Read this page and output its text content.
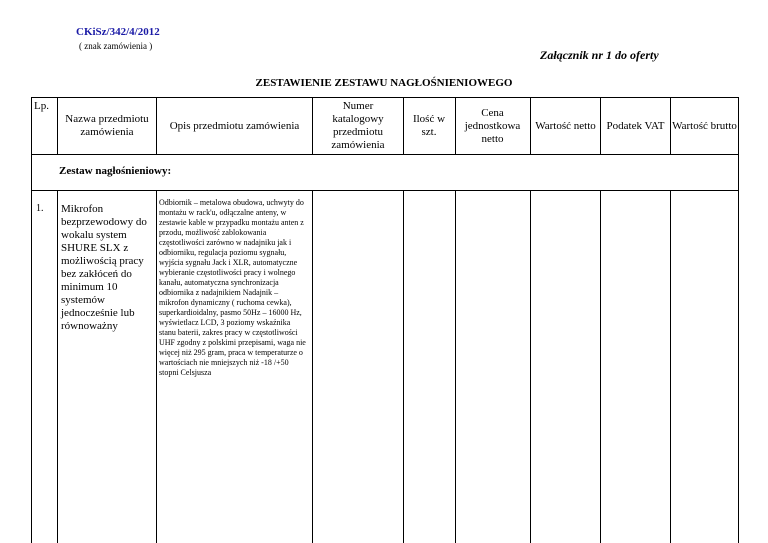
CKiSz/342/4/2012
( znak zamówienia )
Załącznik nr 1 do oferty
ZESTAWIENIE ZESTAWU NAGŁOŚNIENIOWEGO
Lp.
Nazwa przedmiotu zamówienia
Opis przedmiotu zamówienia
Numer katalogowy przedmiotu zamówienia
Ilość w szt.
Cena jednostkowa netto
Wartość netto Podatek VAT Wartość brutto
Zestaw nagłośnieniowy:
1. Mikrofon bezprzewodowy do wokalu system SHURE SLX z możliwością pracy bez zakłóceń do minimum 10 systemów jednocześnie lub równoważny
Odbiornik – metalowa obudowa, uchwyty do montażu w rack'u, odłączalne anteny, w zestawie kable w przypadku montażu anten z przodu, możliwość zablokowania częstotliwości zarówno w nadajniku jak i odbiorniku, regulacja poziomu sygnału, wyjścia sygnału Jack i XLR, automatyczne wybieranie częstotliwości pracy i wolnego kanału, automatyczna synchronizacja odbiornika z nadajnikiem Nadajnik – mikrofon dynamiczny ( ruchoma cewka), superkardioidalny, pasmo 50Hz – 16000 Hz, wyświetlacz LCD, 3 poziomy wskaźnika stanu baterii, zakres pracy w częstotliwości UHF zgodny z polskimi przepisami, waga nie więcej niż 295 gram, praca w temperaturze o wartościach nie mniejszych niż -18 /+50 stopni Celsjusza
